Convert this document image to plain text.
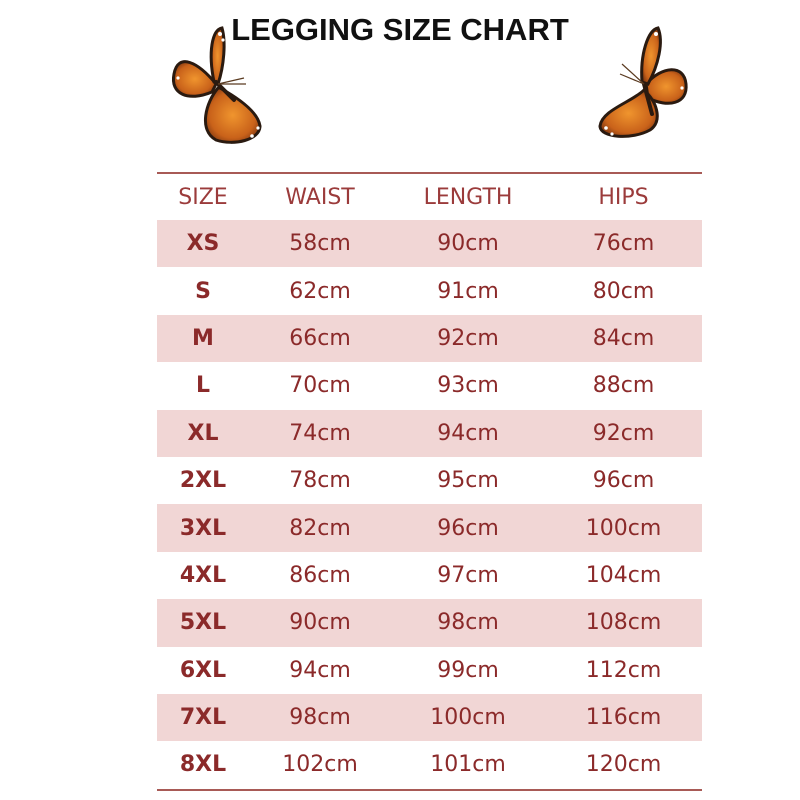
LEGGING SIZE CHART
SIZE	WAIST	LENGTH	HIPS
XS	58cm	90cm	76cm
S	62cm	91cm	80cm
M	66cm	92cm	84cm
L	70cm	93cm	88cm
XL	74cm	94cm	92cm
2XL	78cm	95cm	96cm
3XL	82cm	96cm	100cm
4XL	86cm	97cm	104cm
5XL	90cm	98cm	108cm
6XL	94cm	99cm	112cm
7XL	98cm	100cm	116cm
8XL	102cm	101cm	120cm
